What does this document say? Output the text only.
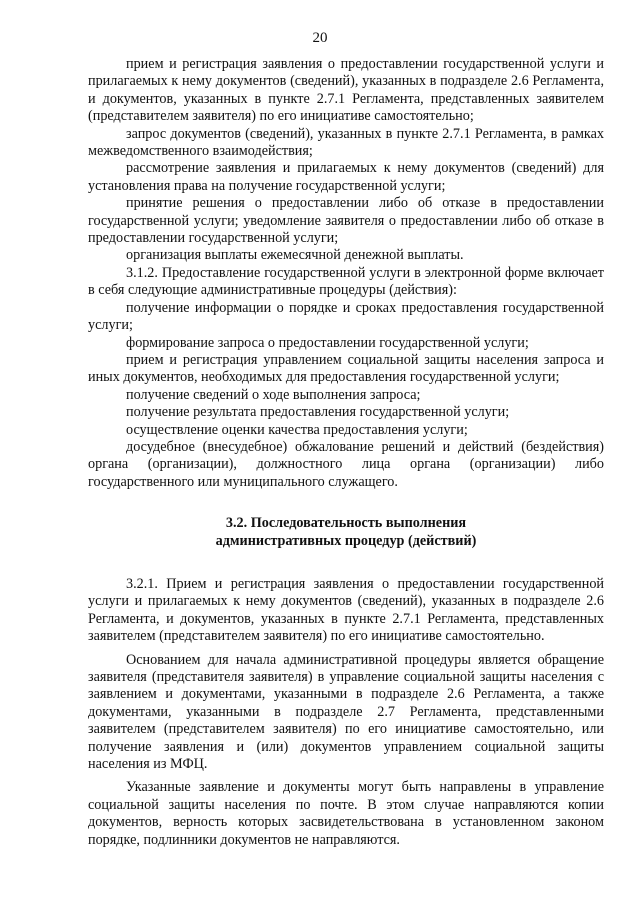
20

прием и регистрация заявления о предоставлении государственной услуги и прилагаемых к нему документов (сведений), указанных в подразделе 2.6 Регламента, и документов, указанных в пункте 2.7.1 Регламента, представленных заявителем (представителем заявителя) по его инициативе самостоятельно;

запрос документов (сведений), указанных в пункте 2.7.1 Регламента, в рамках межведомственного взаимодействия;

рассмотрение заявления и прилагаемых к нему документов (сведений) для установления права на получение государственной услуги;

принятие решения о предоставлении либо об отказе в предоставлении государственной услуги; уведомление заявителя о предоставлении либо об отказе в предоставлении государственной услуги;

организация выплаты ежемесячной денежной выплаты.

3.1.2. Предоставление государственной услуги в электронной форме включает в себя следующие административные процедуры (действия):

получение информации о порядке и сроках предоставления государственной услуги;

формирование запроса о предоставлении государственной услуги;

прием и регистрация управлением социальной защиты населения запроса и иных документов, необходимых для предоставления государственной услуги;

получение сведений о ходе выполнения запроса;

получение результата предоставления государственной услуги;

осуществление оценки качества предоставления услуги;

досудебное (внесудебное) обжалование решений и действий (бездействия) органа (организации), должностного лица органа (организации) либо государственного или муниципального служащего.

3.2. Последовательность выполнения
административных процедур (действий)

3.2.1. Прием и регистрация заявления о предоставлении государственной услуги и прилагаемых к нему документов (сведений), указанных в подразделе 2.6 Регламента, и документов, указанных в пункте 2.7.1 Регламента, представленных заявителем (представителем заявителя) по его инициативе самостоятельно.

Основанием для начала административной процедуры является обращение заявителя (представителя заявителя) в управление социальной защиты населения с заявлением и документами, указанными в подразделе 2.6 Регламента, а также документами, указанными в подразделе 2.7 Регламента, представленными заявителем (представителем заявителя) по его инициативе самостоятельно, или получение заявления и (или) документов управлением социальной защиты населения из МФЦ.

Указанные заявление и документы могут быть направлены в управление социальной защиты населения по почте. В этом случае направляются копии документов, верность которых засвидетельствована в установленном законом порядке, подлинники документов не направляются.
